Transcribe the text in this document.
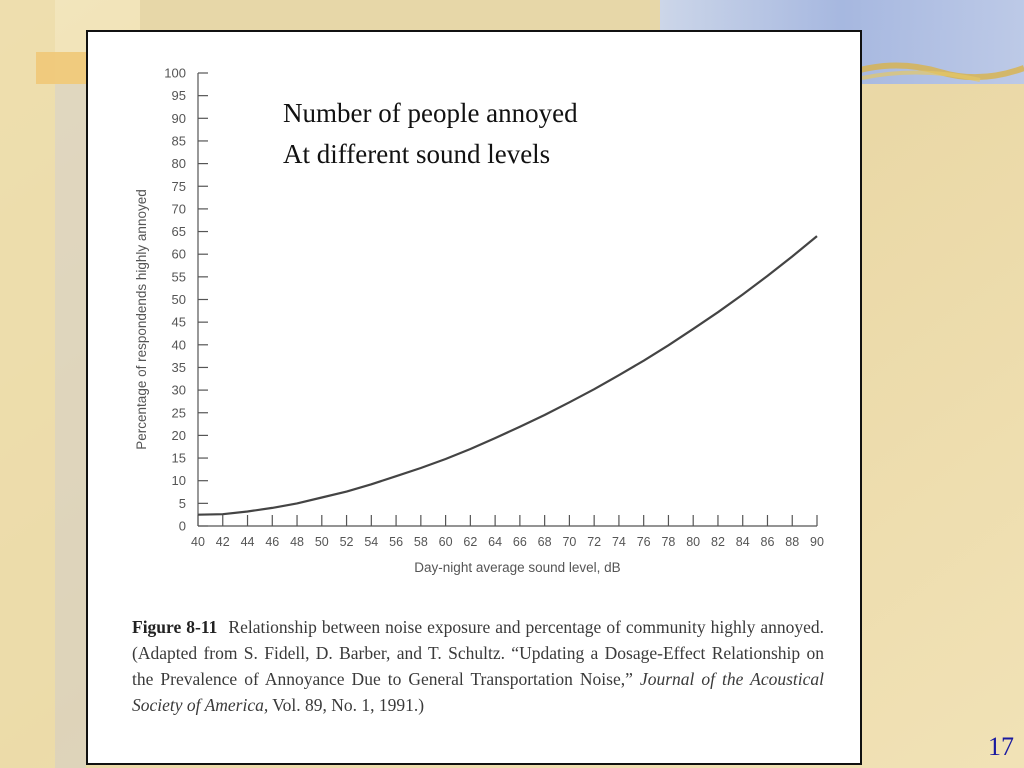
0
5
10
15
20
25
30
35
40
45
50
55
60
65
70
75
80
85
90
95
100
40 42 44 46 48 50 52 54 56 58 60 62 64 66 68 70 72 74 76 78 80 82 84 86 88 90
Day-night average sound level, dB
Percentage of respondends highly annoyed
Number of people annoyed
At different sound levels
Figure 8-11 Relationship between noise exposure and percentage of community highly annoyed. (Adapted from S. Fidell, D. Barber, and T. Schultz. “Updating a Dosage-Effect Relationship on the Prevalence of Annoyance Due to General Transportation Noise,” Journal of the Acoustical Society of America, Vol. 89, No. 1, 1991.)
17
